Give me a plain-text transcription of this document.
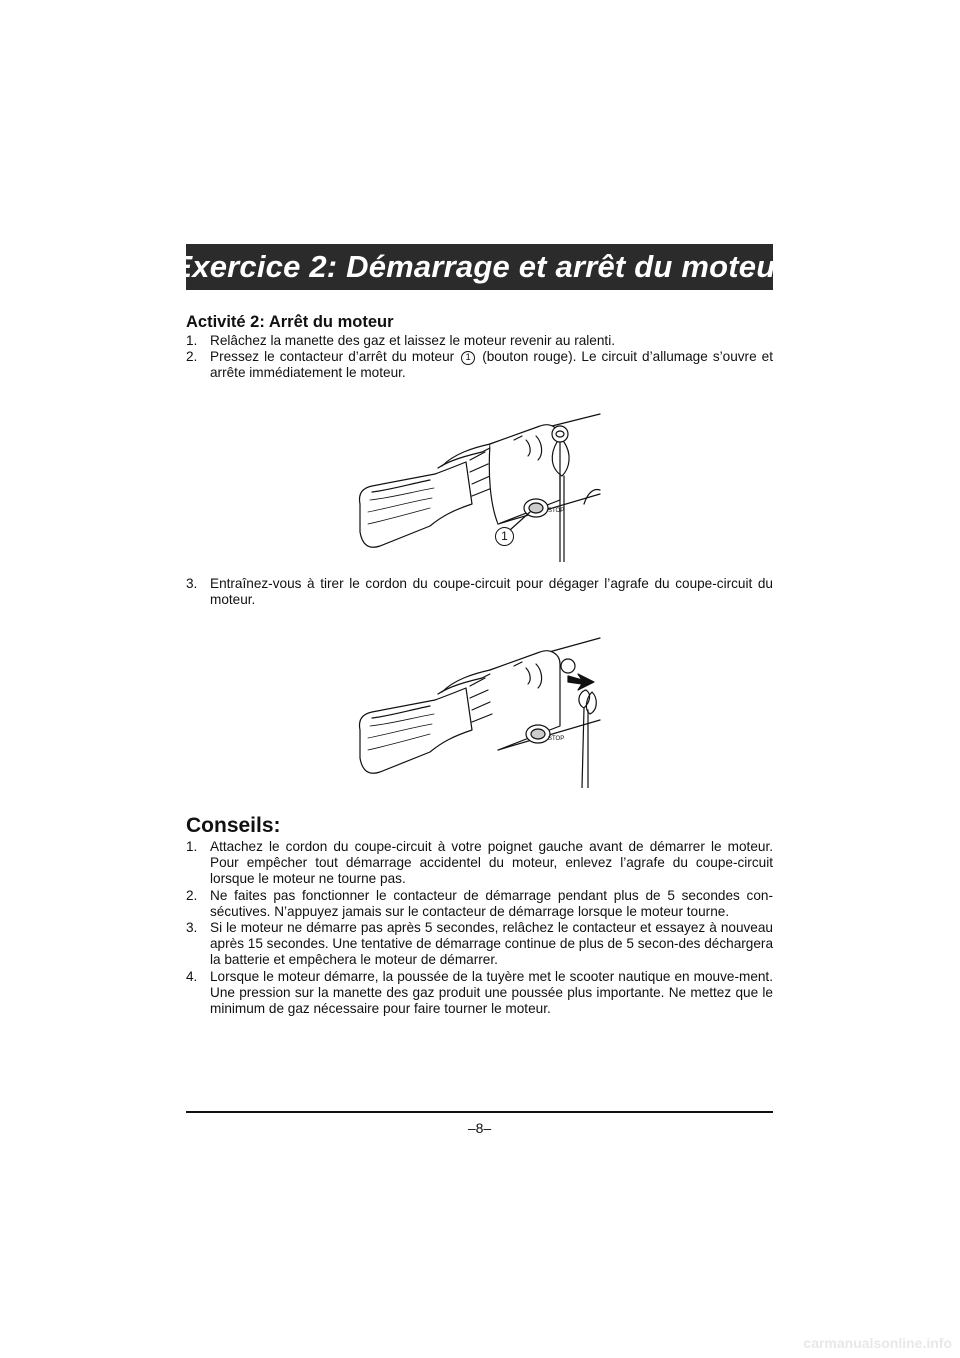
Exercice 2: Démarrage et arrêt du moteur
Activité 2: Arrêt du moteur
1. Relâchez la manette des gaz et laissez le moteur revenir au ralenti.
2. Pressez le contacteur d’arrêt du moteur 1 (bouton rouge). Le circuit d’allumage s’ouvre et arrête immédiatement le moteur.
STOP
1
3. Entraînez-vous à tirer le cordon du coupe-circuit pour dégager l’agrafe du coupe-circuit du moteur.
STOP
Conseils:
1. Attachez le cordon du coupe-circuit à votre poignet gauche avant de démarrer le moteur. Pour empêcher tout démarrage accidentel du moteur, enlevez l’agrafe du coupe-circuit lorsque le moteur ne tourne pas.
2. Ne faites pas fonctionner le contacteur de démarrage pendant plus de 5 secondes con-sécutives. N’appuyez jamais sur le contacteur de démarrage lorsque le moteur tourne.
3. Si le moteur ne démarre pas après 5 secondes, relâchez le contacteur et essayez à nouveau après 15 secondes. Une tentative de démarrage continue de plus de 5 secon-des déchargera la batterie et empêchera le moteur de démarrer.
4. Lorsque le moteur démarre, la poussée de la tuyère met le scooter nautique en mouve-ment. Une pression sur la manette des gaz produit une poussée plus importante. Ne mettez que le minimum de gaz nécessaire pour faire tourner le moteur.
–8–
carmanualsonline.info
